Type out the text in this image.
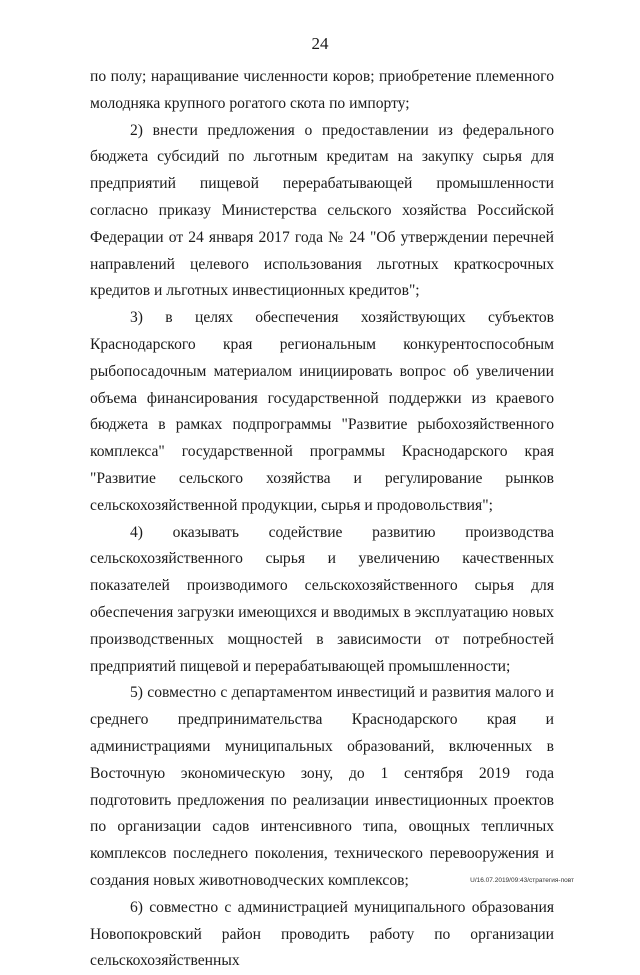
24

по полу; наращивание численности коров; приобретение племенного молодняка крупного рогатого скота по импорту;

2) внести предложения о предоставлении из федерального бюджета субсидий по льготным кредитам на закупку сырья для предприятий пищевой перерабатывающей промышленности согласно приказу Министерства сельского хозяйства Российской Федерации от 24 января 2017 года № 24 "Об утверждении перечней направлений целевого использования льготных краткосрочных кредитов и льготных инвестиционных кредитов";

3) в целях обеспечения хозяйствующих субъектов Краснодарского края региональным конкурентоспособным рыбопосадочным материалом инициировать вопрос об увеличении объема финансирования государственной поддержки из краевого бюджета в рамках подпрограммы "Развитие рыбохозяйственного комплекса" государственной программы Краснодарского края "Развитие сельского хозяйства и регулирование рынков сельскохозяйственной продукции, сырья и продовольствия";

4) оказывать содействие развитию производства сельскохозяйственного сырья и увеличению качественных показателей производимого сельскохозяйственного сырья для обеспечения загрузки имеющихся и вводимых в эксплуатацию новых производственных мощностей в зависимости от потребностей предприятий пищевой и перерабатывающей промышленности;

5) совместно с департаментом инвестиций и развития малого и среднего предпринимательства Краснодарского края и администрациями муниципальных образований, включенных в Восточную экономическую зону, до 1 сентября 2019 года подготовить предложения по реализации инвестиционных проектов по организации садов интенсивного типа, овощных тепличных комплексов последнего поколения, технического перевооружения и создания новых животноводческих комплексов;

6) совместно с администрацией муниципального образования Новопокровский район проводить работу по организации сельскохозяйственных

U/16.07.2019/09:43/стратегия-повт
